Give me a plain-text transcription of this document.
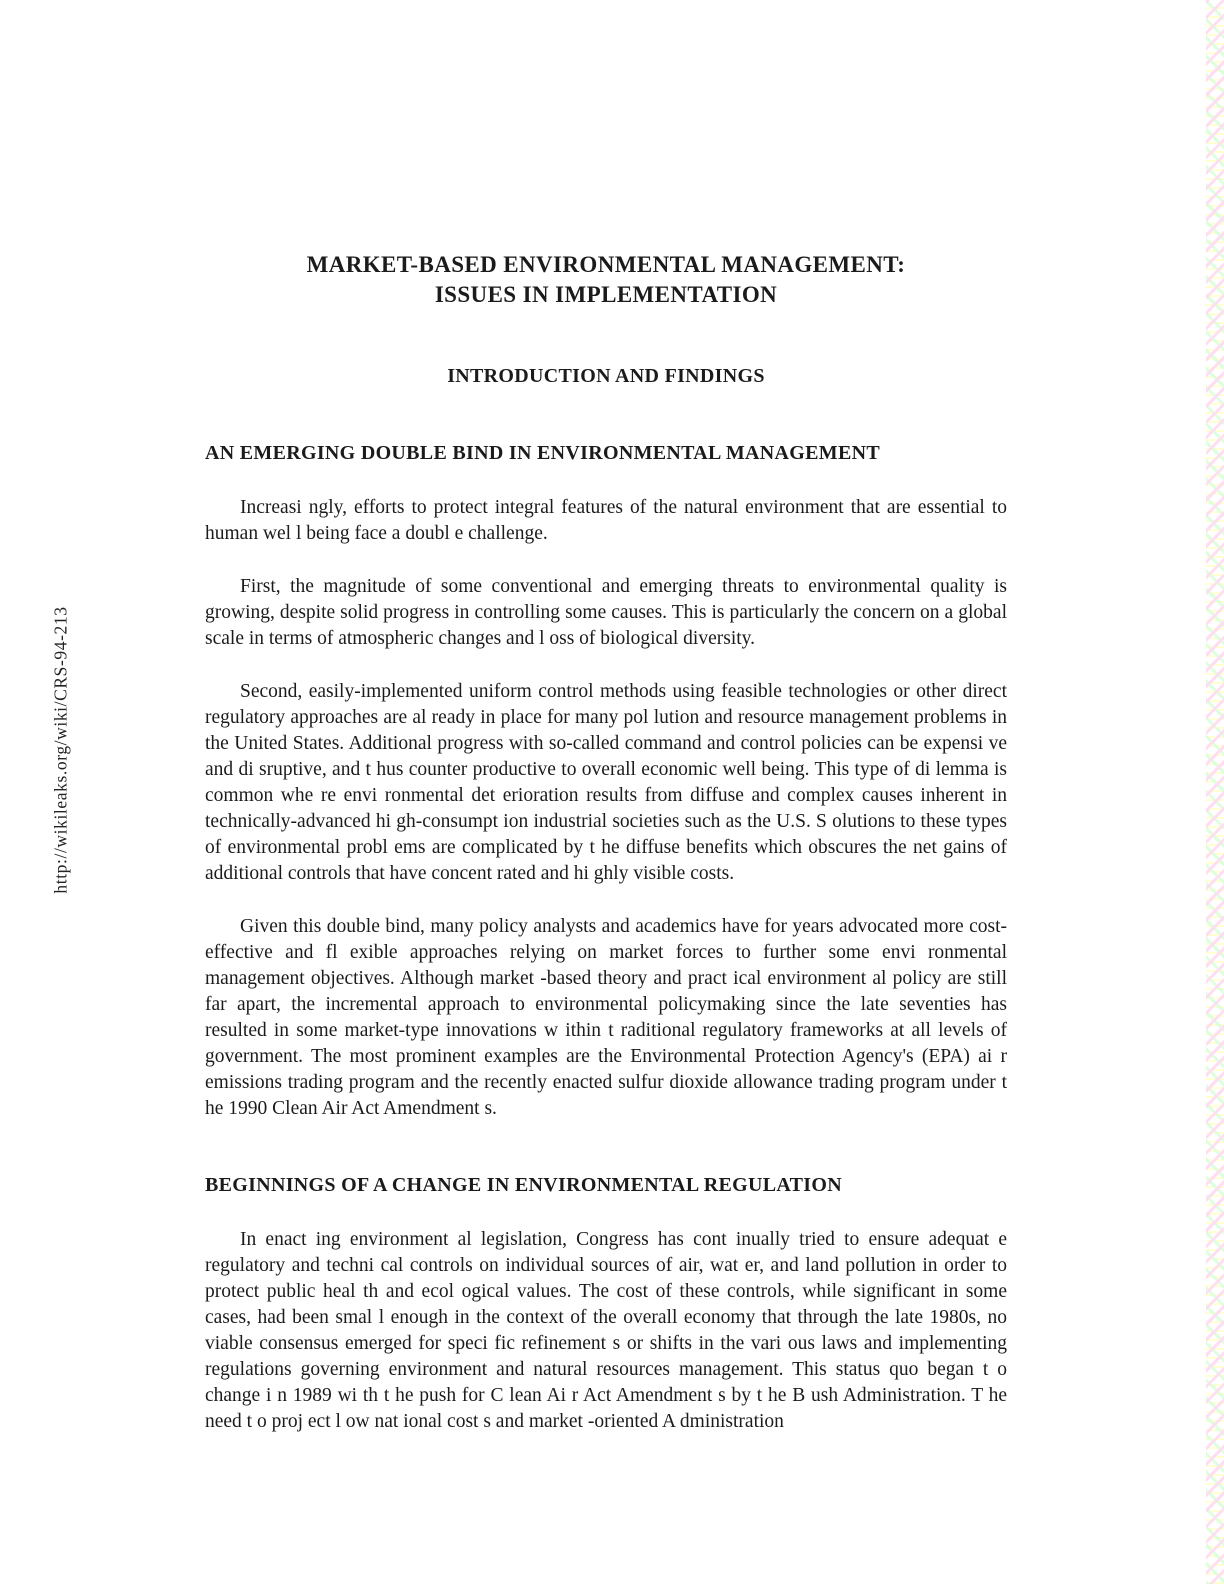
http://wikileaks.org/wiki/CRS-94-213
MARKET-BASED ENVIRONMENTAL MANAGEMENT:
ISSUES IN IMPLEMENTATION
INTRODUCTION AND FINDINGS
AN EMERGING DOUBLE BIND IN ENVIRONMENTAL MANAGEMENT

Increasi ngly, efforts to protect integral features of the natural environment that are essential to human wel l being face a doubl e challenge.

First, the magnitude of some conventional and emerging threats to environmental quality is growing, despite solid progress in controlling some causes. This is particularly the concern on a global scale in terms of atmospheric changes and l oss of biological diversity.

Second, easily-implemented uniform control methods using feasible technologies or other direct regulatory approaches are al ready in place for many pol lution and resource management problems in the United States. Additional progress with so-called command and control policies can be expensi ve and di sruptive, and t hus counter productive to overall economic well being. This type of di lemma is common whe re envi ronmental det erioration results from diffuse and complex causes inherent in technically-advanced hi gh-consumpt ion industrial societies such as the U.S. S olutions to these types of environmental probl ems are complicated by t he diffuse benefits which obscures the net gains of additional controls that have concent rated and hi ghly visible costs.

Given this double bind, many policy analysts and academics have for years advocated more cost-effective and fl exible approaches relying on market forces to further some envi ronmental management objectives. Although market -based theory and pract ical environment al policy are still far apart, the incremental approach to environmental policymaking since the late seventies has resulted in some market-type innovations w ithin t raditional regulatory frameworks at all levels of government. The most prominent examples are the Environmental Protection Agency's (EPA) ai r emissions trading program and the recently enacted sulfur dioxide allowance trading program under t he 1990 Clean Air Act Amendment s.

BEGINNINGS OF A CHANGE IN ENVIRONMENTAL REGULATION

In enact ing environment al legislation, Congress has cont inually tried to ensure adequat e regulatory and techni cal controls on individual sources of air, wat er, and land pollution in order to protect public heal th and ecol ogical values. The cost of these controls, while significant in some cases, had been smal l enough in the context of the overall economy that through the late 1980s, no viable consensus emerged for speci fic refinement s or shifts in the vari ous laws and implementing regulations governing environment and natural resources management. This status quo began t o change i n 1989 wi th t he push for C lean Ai r Act Amendment s by t he B ush Administration. T he need t o proj ect l ow nat ional cost s and market -oriented A dministration
